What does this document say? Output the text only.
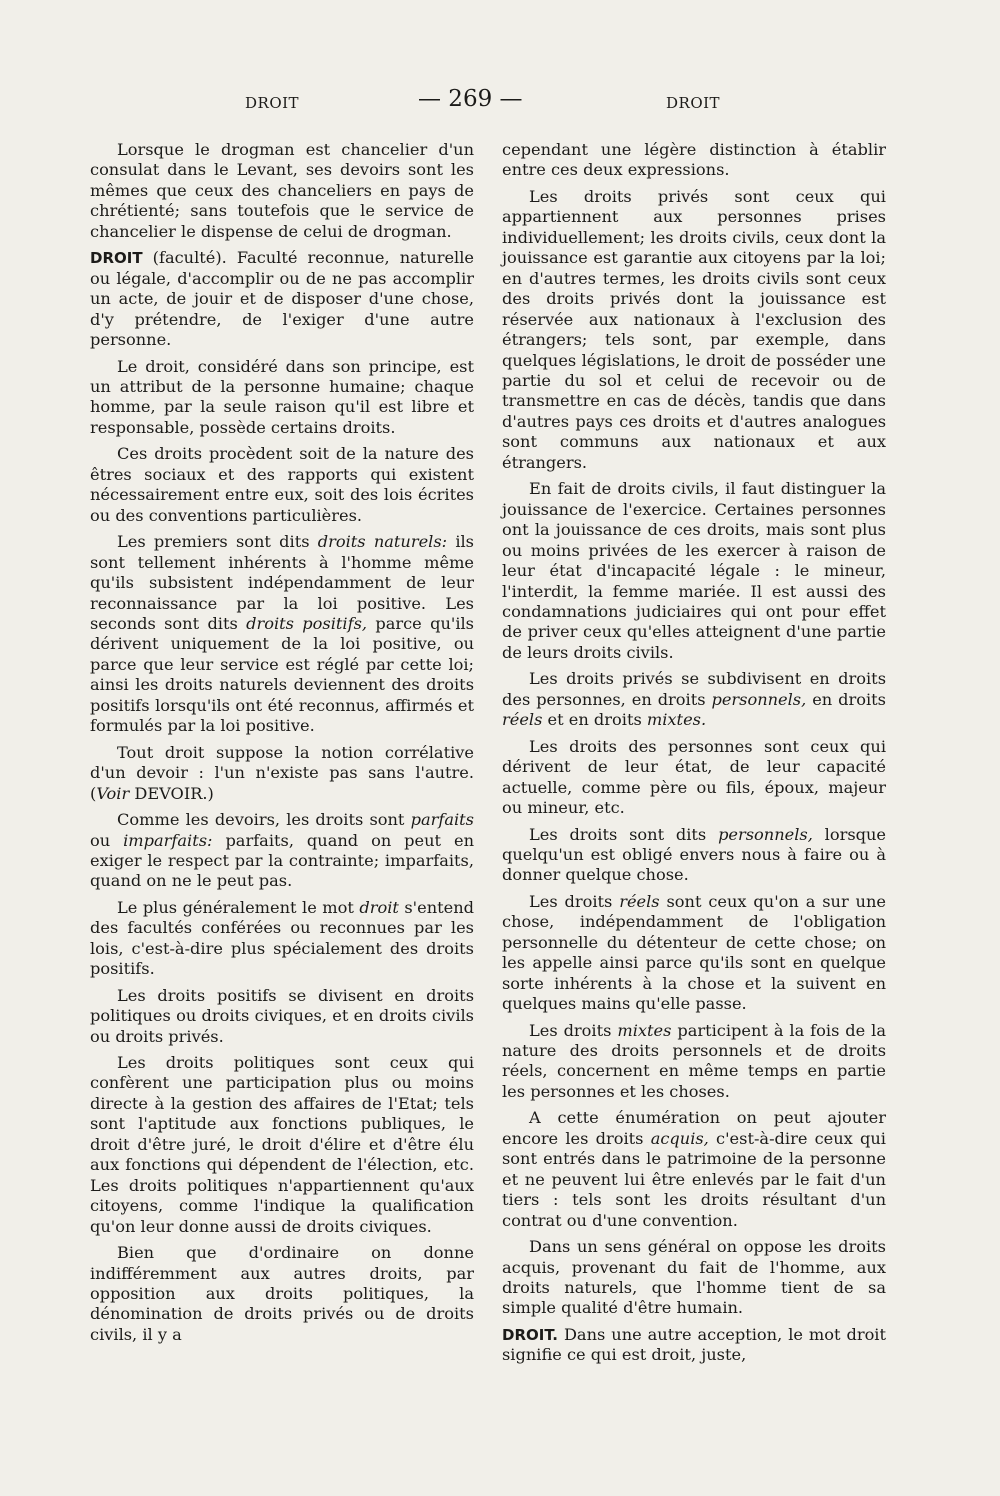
DROIT	— 269 —	DROIT

Lorsque le drogman est chancelier d'un consulat dans le Levant, ses devoirs sont les mêmes que ceux des chanceliers en pays de chrétienté; sans toutefois que le service de chancelier le dispense de celui de drogman.

DROIT (faculté). Faculté reconnue, naturelle ou légale, d'accomplir ou de ne pas accomplir un acte, de jouir et de disposer d'une chose, d'y prétendre, de l'exiger d'une autre personne.

Le droit, considéré dans son principe, est un attribut de la personne humaine; chaque homme, par la seule raison qu'il est libre et responsable, possède certains droits.

Ces droits procèdent soit de la nature des êtres sociaux et des rapports qui existent nécessairement entre eux, soit des lois écrites ou des conventions particulières.

Les premiers sont dits droits naturels: ils sont tellement inhérents à l'homme même qu'ils subsistent indépendamment de leur reconnaissance par la loi positive. Les seconds sont dits droits positifs, parce qu'ils dérivent uniquement de la loi positive, ou parce que leur service est réglé par cette loi; ainsi les droits naturels deviennent des droits positifs lorsqu'ils ont été reconnus, affirmés et formulés par la loi positive.

Tout droit suppose la notion corrélative d'un devoir : l'un n'existe pas sans l'autre. (Voir DEVOIR.)

Comme les devoirs, les droits sont parfaits ou imparfaits: parfaits, quand on peut en exiger le respect par la contrainte; imparfaits, quand on ne le peut pas.

Le plus généralement le mot droit s'entend des facultés conférées ou reconnues par les lois, c'est-à-dire plus spécialement des droits positifs.

Les droits positifs se divisent en droits politiques ou droits civiques, et en droits civils ou droits privés.

Les droits politiques sont ceux qui confèrent une participation plus ou moins directe à la gestion des affaires de l'Etat; tels sont l'aptitude aux fonctions publiques, le droit d'être juré, le droit d'élire et d'être élu aux fonctions qui dépendent de l'élection, etc. Les droits politiques n'appartiennent qu'aux citoyens, comme l'indique la qualification qu'on leur donne aussi de droits civiques.

Bien que d'ordinaire on donne indifféremment aux autres droits, par opposition aux droits politiques, la dénomination de droits privés ou de droits civils, il y a

cependant une légère distinction à établir entre ces deux expressions.

Les droits privés sont ceux qui appartiennent aux personnes prises individuellement; les droits civils, ceux dont la jouissance est garantie aux citoyens par la loi; en d'autres termes, les droits civils sont ceux des droits privés dont la jouissance est réservée aux nationaux à l'exclusion des étrangers; tels sont, par exemple, dans quelques législations, le droit de posséder une partie du sol et celui de recevoir ou de transmettre en cas de décès, tandis que dans d'autres pays ces droits et d'autres analogues sont communs aux nationaux et aux étrangers.

En fait de droits civils, il faut distinguer la jouissance de l'exercice. Certaines personnes ont la jouissance de ces droits, mais sont plus ou moins privées de les exercer à raison de leur état d'incapacité légale : le mineur, l'interdit, la femme mariée. Il est aussi des condamnations judiciaires qui ont pour effet de priver ceux qu'elles atteignent d'une partie de leurs droits civils.

Les droits privés se subdivisent en droits des personnes, en droits personnels, en droits réels et en droits mixtes.

Les droits des personnes sont ceux qui dérivent de leur état, de leur capacité actuelle, comme père ou fils, époux, majeur ou mineur, etc.

Les droits sont dits personnels, lorsque quelqu'un est obligé envers nous à faire ou à donner quelque chose.

Les droits réels sont ceux qu'on a sur une chose, indépendamment de l'obligation personnelle du détenteur de cette chose; on les appelle ainsi parce qu'ils sont en quelque sorte inhérents à la chose et la suivent en quelques mains qu'elle passe.

Les droits mixtes participent à la fois de la nature des droits personnels et de droits réels, concernent en même temps en partie les personnes et les choses.

A cette énumération on peut ajouter encore les droits acquis, c'est-à-dire ceux qui sont entrés dans le patrimoine de la personne et ne peuvent lui être enlevés par le fait d'un tiers : tels sont les droits résultant d'un contrat ou d'une convention.

Dans un sens général on oppose les droits acquis, provenant du fait de l'homme, aux droits naturels, que l'homme tient de sa simple qualité d'être humain.

DROIT. Dans une autre acception, le mot droit signifie ce qui est droit, juste,
